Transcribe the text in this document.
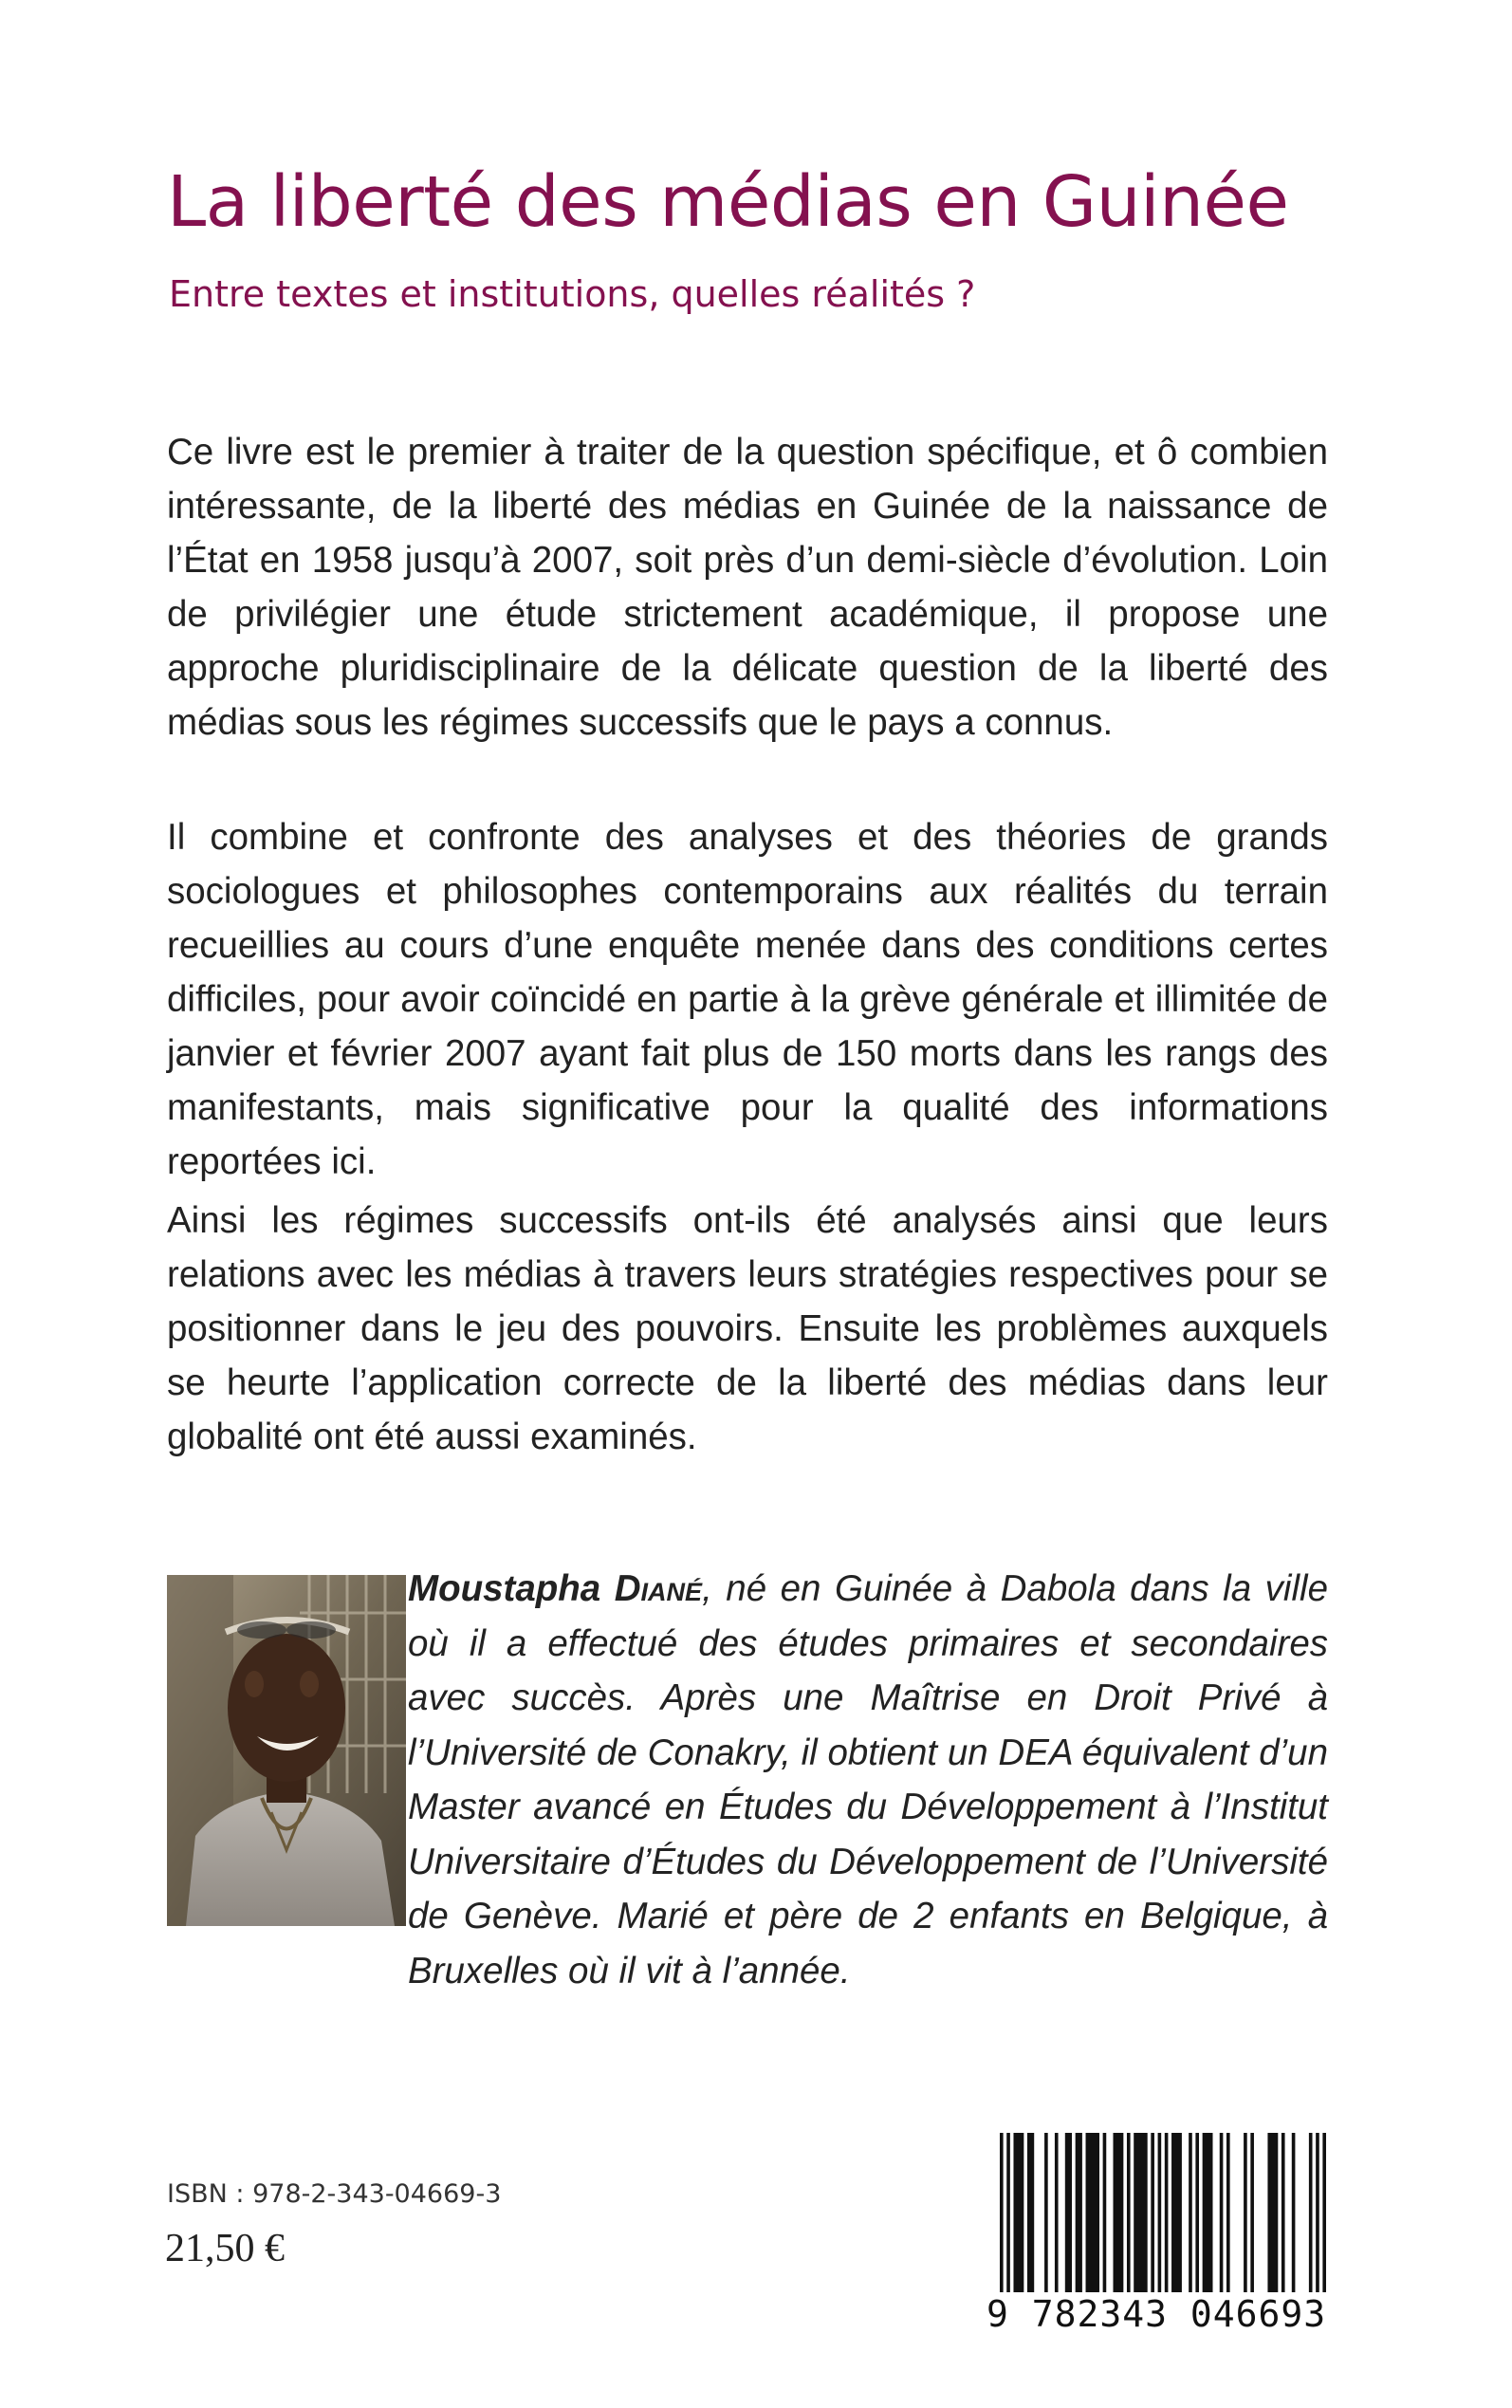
La liberté des médias en Guinée
Entre textes et institutions, quelles réalités ?

Ce livre est le premier à traiter de la question spécifique, et ô combien intéressante, de la liberté des médias en Guinée de la naissance de l’État en 1958 jusqu’à 2007, soit près d’un demi-siècle d’évolution. Loin de privilégier une étude strictement académique, il propose une approche pluridisciplinaire de la délicate question de la liberté des médias sous les régimes successifs que le pays a connus.

Il combine et confronte des analyses et des théories de grands sociologues et philosophes contemporains aux réalités du terrain recueillies au cours d’une enquête menée dans des conditions certes difficiles, pour avoir coïncidé en partie à la grève générale et illimitée de janvier et février 2007 ayant fait plus de 150 morts dans les rangs des manifestants, mais significative pour la qualité des informations reportées ici.

Ainsi les régimes successifs ont-ils été analysés ainsi que leurs relations avec les médias à travers leurs stratégies respectives pour se positionner dans le jeu des pouvoirs. Ensuite les problèmes auxquels se heurte l’application correcte de la liberté des médias dans leur globalité ont été aussi examinés.

Moustapha Diané, né en Guinée à Dabola dans la ville où il a effectué des études primaires et secondaires avec succès. Après une Maîtrise en Droit Privé à l’Université de Conakry, il obtient un DEA équivalent d’un Master avancé en Études du Développement à l’Institut Universitaire d’Études du Développement de l’Université de Genève. Marié et père de 2 enfants en Belgique, à Bruxelles où il vit à l’année.

ISBN : 978-2-343-04669-3
21,50 €
9 782343 046693
